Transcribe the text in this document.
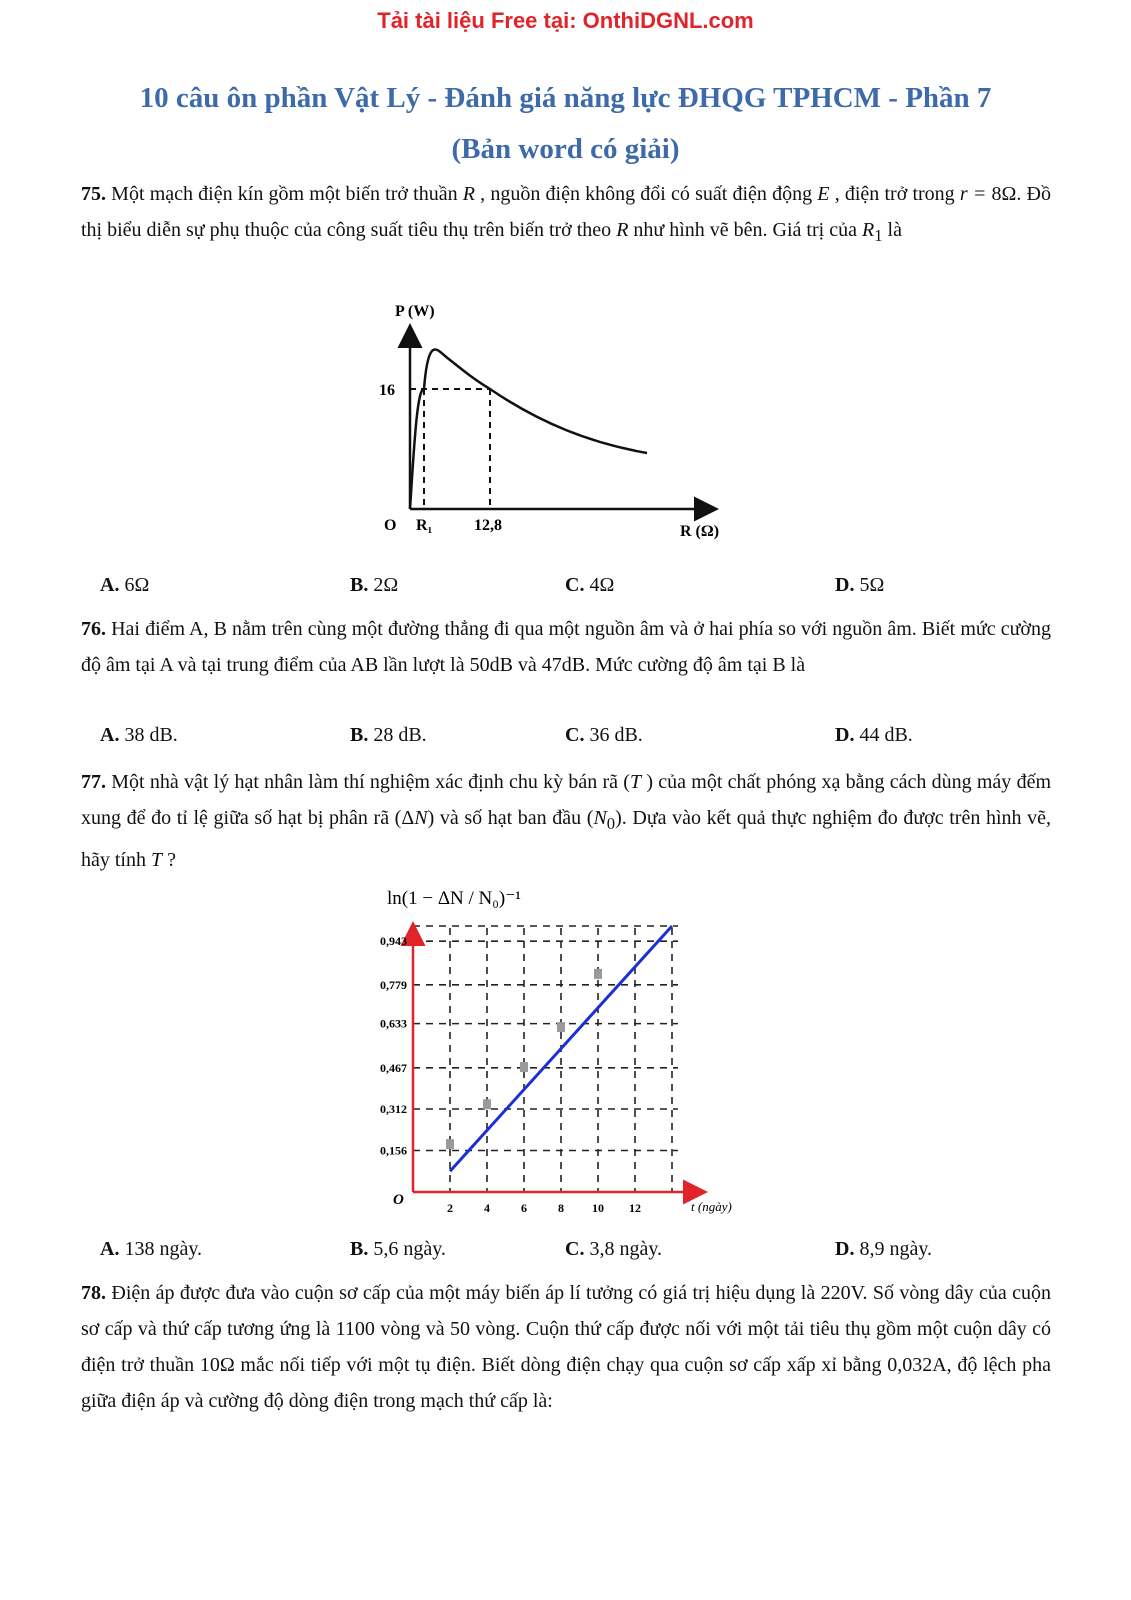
Tải tài liệu Free tại: OnthiDGNL.com
10 câu ôn phần Vật Lý - Đánh giá năng lực ĐHQG TPHCM - Phần 7
(Bản word có giải)
75. Một mạch điện kín gồm một biến trở thuần R , nguồn điện không đổi có suất điện động E , điện trở trong r = 8Ω. Đồ thị biểu diễn sự phụ thuộc của công suất tiêu thụ trên biến trở theo R như hình vẽ bên. Giá trị của $R_1$ là
P (W)
16
O R₁	12,8	R (Ω)
A. 6Ω	B. 2Ω	C. 4Ω	D. 5Ω
76. Hai điểm A, B nằm trên cùng một đường thẳng đi qua một nguồn âm và ở hai phía so với nguồn âm. Biết mức cường độ âm tại A và tại trung điểm của AB lần lượt là 50dB và 47dB. Mức cường độ âm tại B là
A. 38 dB.	B. 28 dB.	C. 36 dB.	D. 44 dB.
77. Một nhà vật lý hạt nhân làm thí nghiệm xác định chu kỳ bán rã (T ) của một chất phóng xạ bằng cách dùng máy đếm xung để đo tỉ lệ giữa số hạt bị phân rã (ΔN) và số hạt ban đầu $(N_0)$. Dựa vào kết quả thực nghiệm đo được trên hình vẽ, hãy tính T ?
0,156
0,312
0,467
0,633
0,779
0,943
2	4	6	8 10 12
ln(1 − ΔN / N₀)⁻¹
O	t (ngày)
A. 138 ngày.	B. 5,6 ngày.	C. 3,8 ngày.	D. 8,9 ngày.
78. Điện áp được đưa vào cuộn sơ cấp của một máy biến áp lí tưởng có giá trị hiệu dụng là 220V. Số vòng dây của cuộn sơ cấp và thứ cấp tương ứng là 1100 vòng và 50 vòng. Cuộn thứ cấp được nối với một tải tiêu thụ gồm một cuộn dây có điện trở thuần 10Ω mắc nối tiếp với một tụ điện. Biết dòng điện chạy qua cuộn sơ cấp xấp xỉ bằng 0,032A, độ lệch pha giữa điện áp và cường độ dòng điện trong mạch thứ cấp là:
